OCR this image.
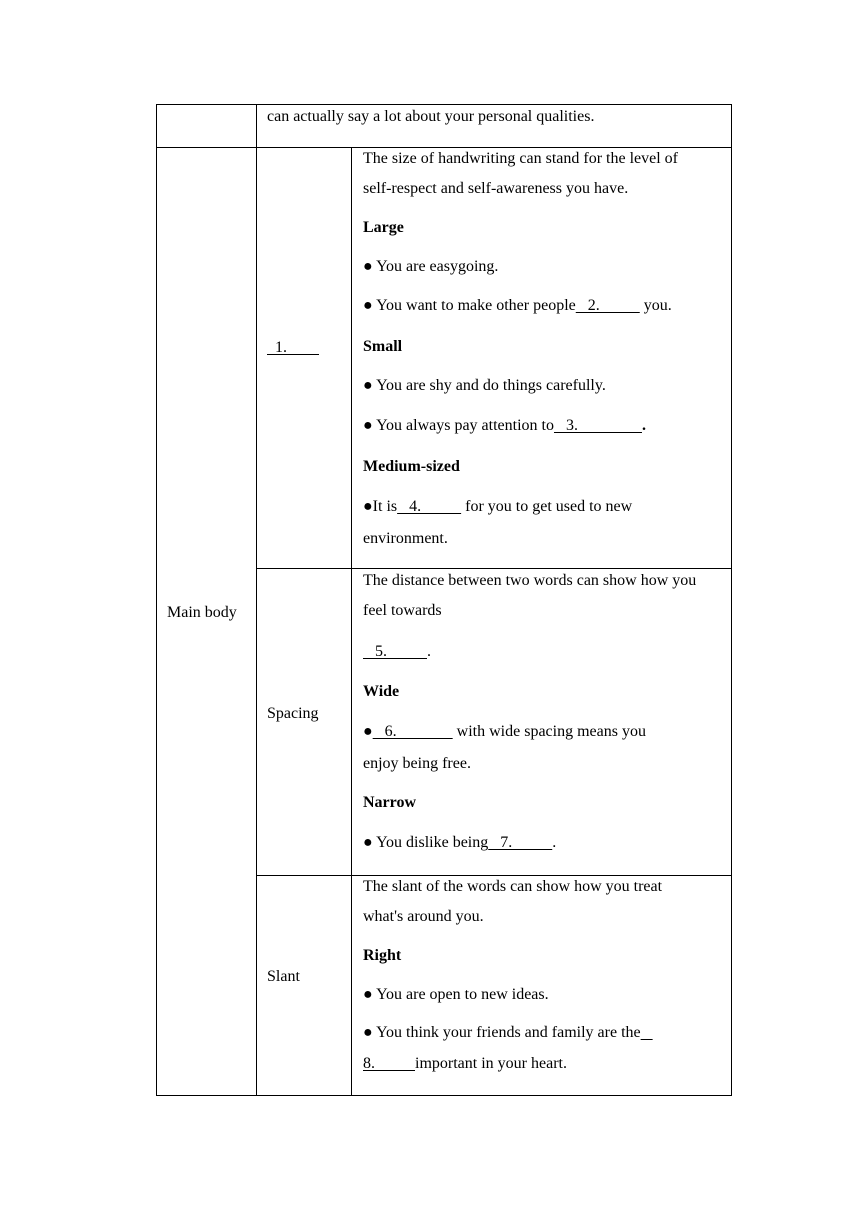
can actually say a lot about your personal qualities.
Main body
1.
The size of handwriting can stand for the level of
self-respect and self-awareness you have.
Large
● You are easygoing.
● You want to make other people   2.           you.
Small
● You are shy and do things carefully.
● You always pay attention to   3.                .
Medium-sized
●It is   4.           for you to get used to new
environment.
Spacing
The distance between two words can show how you
feel towards
5.          .
Wide
●   6.               with wide spacing means you
enjoy being free.
Narrow
● You dislike being   7.          .
Slant
The slant of the words can show how you treat
what's around you.
Right
● You are open to new ideas.
● You think your friends and family are the
8.          important in your heart.
